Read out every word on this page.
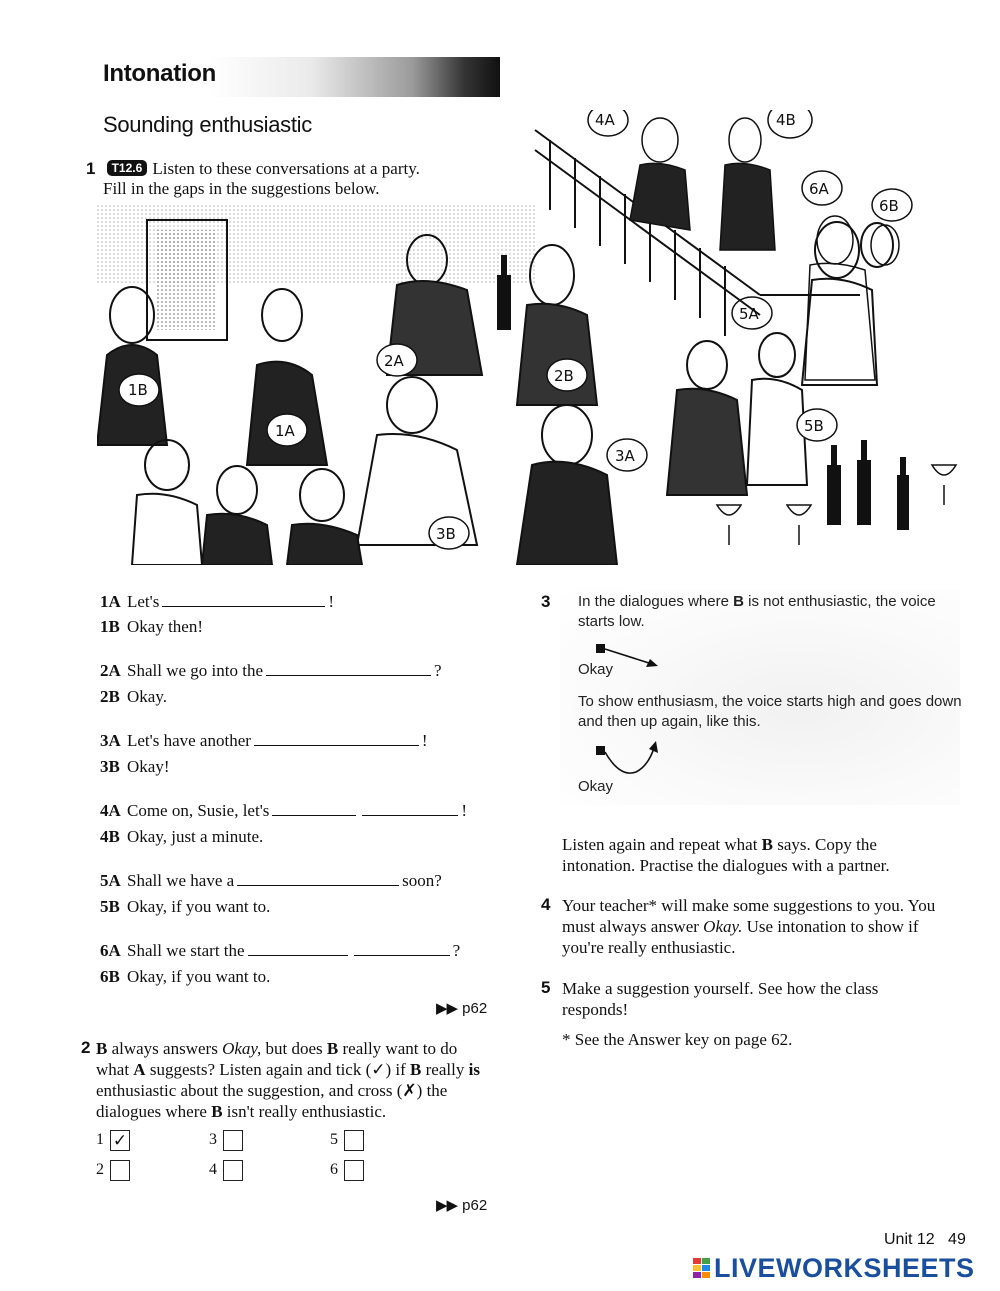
Intonation
Sounding enthusiastic
1 T12.6 Listen to these conversations at a party.
Fill in the gaps in the suggestions below.
1B
1A
2A
2B
3A
3B
5A
5B
4A	4B
6A
6B
1A Let's	!
1B Okay then!
2A Shall we go into the	?
2B Okay.
3A Let's have another	!
3B Okay!
4A Come on, Susie, let's	!
4B Okay, just a minute.
5A Shall we have a	soon?
5B Okay, if you want to.
6A Shall we start the	?
6B Okay, if you want to.
▶▶ p62
2 B always answers Okay, but does B really want to do
what A suggests? Listen again and tick (✓) if B really is
enthusiastic about the suggestion, and cross (✗) the
dialogues where B isn't really enthusiastic.
1 ✓
2
3
4
5
6
▶▶ p62
3 In the dialogues where B is not enthusiastic, the voice
starts low.
Okay
To show enthusiasm, the voice starts high and goes down
and then up again, like this.
Okay
Listen again and repeat what B says. Copy the
intonation. Practise the dialogues with a partner.
4 Your teacher* will make some suggestions to you. You
must always answer Okay. Use intonation to show if
you're really enthusiastic.
5 Make a suggestion yourself. See how the class
responds!
* See the Answer key on page 62.
Unit 12 49
LIVEWORKSHEETS
